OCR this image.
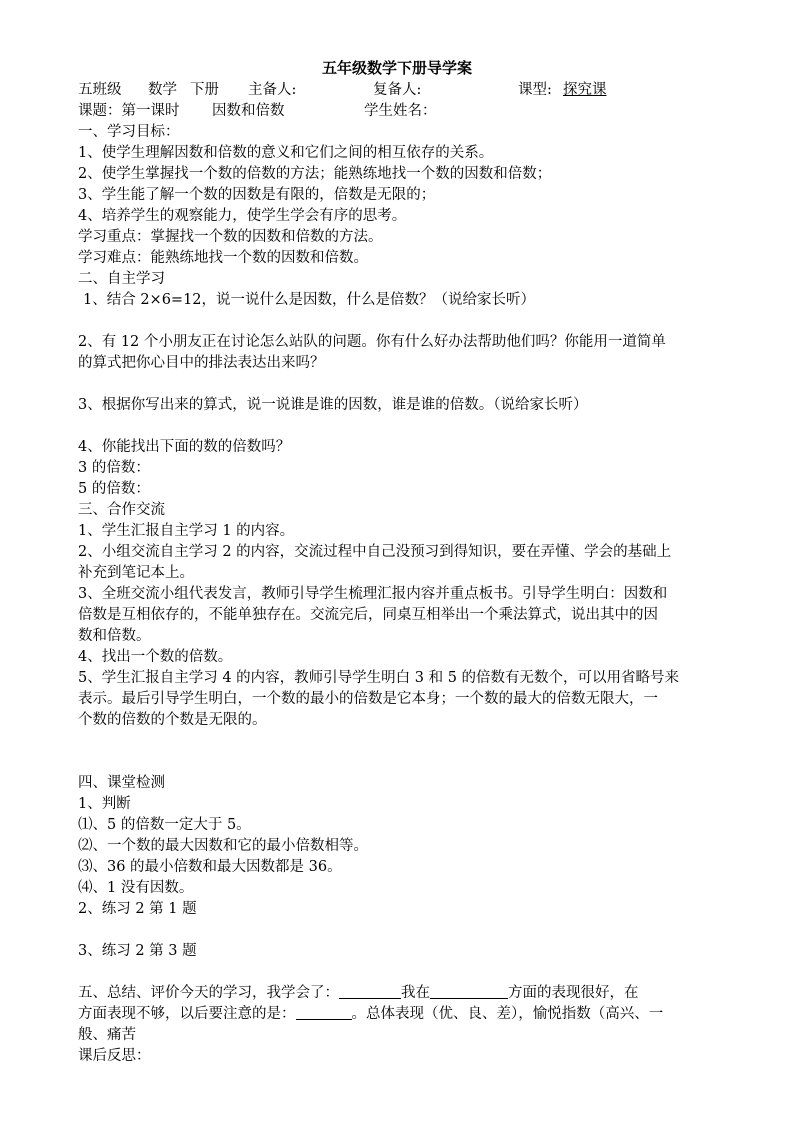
五年级数学下册导学案

五班级 数学 下册 主备人:	复备人:	课型: 探究课
课题：第一课时 因数和倍数	学生姓名：

一、学习目标：

1、使学生理解因数和倍数的意义和它们之间的相互依存的关系。

2、使学生掌握找一个数的倍数的方法；能熟练地找一个数的因数和倍数；

3、学生能了解一个数的因数是有限的，倍数是无限的；

4、培养学生的观察能力，使学生学会有序的思考。

学习重点：掌握找一个数的因数和倍数的方法。

学习难点：能熟练地找一个数的因数和倍数。

二、自主学习

1、结合 2×6=12，说一说什么是因数，什么是倍数？（说给家长听）

2、有 12 个小朋友正在讨论怎么站队的问题。你有什么好办法帮助他们吗？你能用一道简单

的算式把你心目中的排法表达出来吗？

3、根据你写出来的算式，说一说谁是谁的因数，谁是谁的倍数。（说给家长听）

4、你能找出下面的数的倍数吗？

3 的倍数：

5 的倍数：

三、合作交流

1、学生汇报自主学习 1 的内容。

2、小组交流自主学习 2 的内容，交流过程中自己没预习到得知识，要在弄懂、学会的基础上

补充到笔记本上。

3、全班交流小组代表发言，教师引导学生梳理汇报内容并重点板书。引导学生明白：因数和

倍数是互相依存的，不能单独存在。交流完后，同桌互相举出一个乘法算式，说出其中的因

数和倍数。

4、找出一个数的倍数。

5、学生汇报自主学习 4 的内容，教师引导学生明白 3 和 5 的倍数有无数个，可以用省略号来

表示。最后引导学生明白，一个数的最小的倍数是它本身；一个数的最大的倍数无限大，一

个数的倍数的个数是无限的。

四、课堂检测

1、判断

⑴、5 的倍数一定大于 5。

⑵、一个数的最大因数和它的最小倍数相等。

⑶、36 的最小倍数和最大因数都是 36。

⑷、1 没有因数。

2、练习 2 第 1 题

3、练习 2 第 3 题

五、总结、评价今天的学习，我学会了：	我在	方面的表现很好，在

方面表现不够，以后要注意的是：	。总体表现（优、良、差），愉悦指数（高兴、一

般、痛苦

课后反思：
